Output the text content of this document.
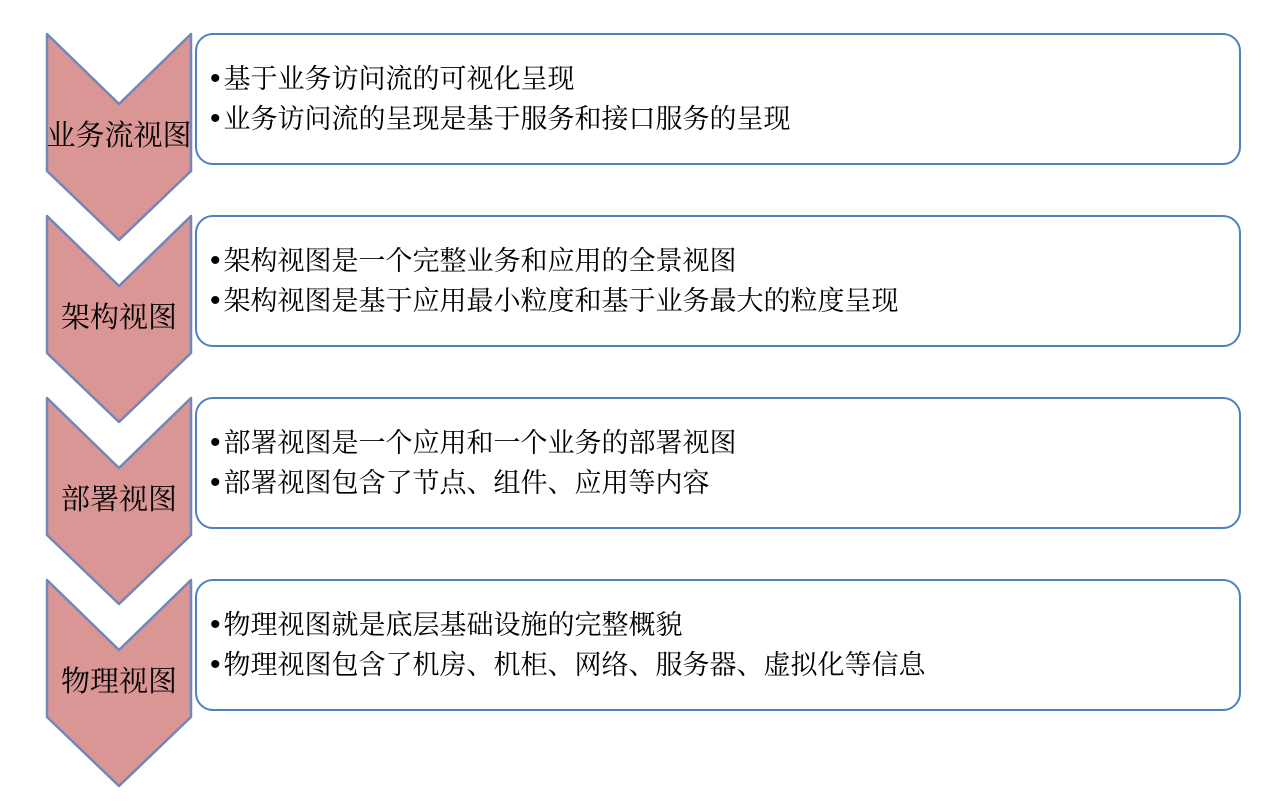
业务流视图
• 基于业务访问流的可视化呈现
• 业务访问流的呈现是基于服务和接口服务的呈现
架构视图
• 架构视图是一个完整业务和应用的全景视图
• 架构视图是基于应用最小粒度和基于业务最大的粒度呈现
部署视图
• 部署视图是一个应用和一个业务的部署视图
• 部署视图包含了节点、组件、应用等内容
物理视图
• 物理视图就是底层基础设施的完整概貌
• 物理视图包含了机房、机柜、网络、服务器、虚拟化等信息
